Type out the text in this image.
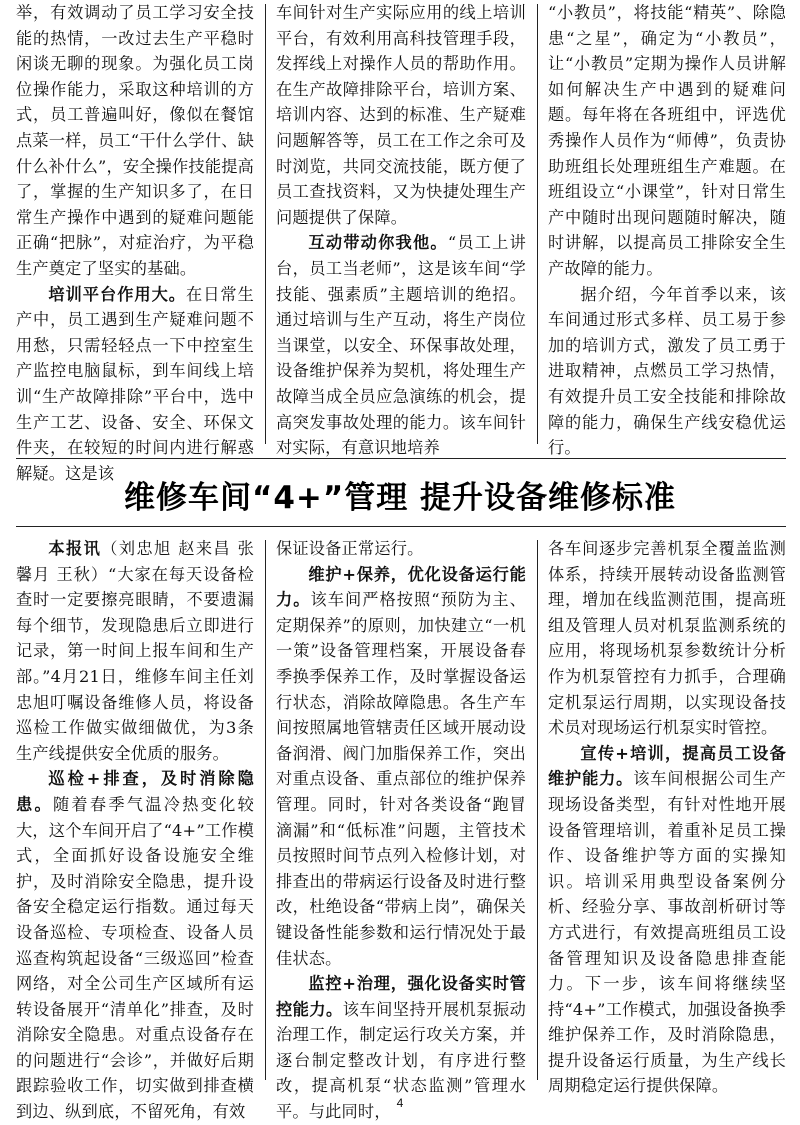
举，有效调动了员工学习安全技能的热情，一改过去生产平稳时闲谈无聊的现象。为强化员工岗位操作能力，采取这种培训的方式，员工普遍叫好，像似在餐馆点菜一样，员工“干什么学什、缺什么补什么”，安全操作技能提高了，掌握的生产知识多了，在日常生产操作中遇到的疑难问题能正确“把脉”，对症治疗，为平稳生产奠定了坚实的基础。

培训平台作用大。在日常生产中，员工遇到生产疑难问题不用愁，只需轻轻点一下中控室生产监控电脑鼠标，到车间线上培训“生产故障排除”平台中，选中生产工艺、设备、安全、环保文件夹，在较短的时间内进行解惑解疑。这是该

车间针对生产实际应用的线上培训平台，有效利用高科技管理手段，发挥线上对操作人员的帮助作用。在生产故障排除平台，培训方案、培训内容、达到的标准、生产疑难问题解答等，员工在工作之余可及时浏览，共同交流技能，既方便了员工查找资料，又为快捷处理生产问题提供了保障。

互动带动你我他。“员工上讲台，员工当老师”，这是该车间“学技能、强素质”主题培训的绝招。通过培训与生产互动，将生产岗位当课堂，以安全、环保事故处理，设备维护保养为契机，将处理生产故障当成全员应急演练的机会，提高突发事故处理的能力。该车间针对实际，有意识地培养

“小教员”，将技能“精英”、除隐患“之星”，确定为“小教员”，让“小教员”定期为操作人员讲解如何解决生产中遇到的疑难问题。每年将在各班组中，评选优秀操作人员作为“师傅”，负责协助班组长处理班组生产难题。在班组设立“小课堂”，针对日常生产中随时出现问题随时解决，随时讲解，以提高员工排除安全生产故障的能力。

据介绍，今年首季以来，该车间通过形式多样、员工易于参加的培训方式，激发了员工勇于进取精神，点燃员工学习热情，有效提升员工安全技能和排除故障的能力，确保生产线安稳优运行。

维修车间“4+”管理 提升设备维修标准

本报讯（刘忠旭 赵来昌 张馨月 王秋）“大家在每天设备检查时一定要擦亮眼睛，不要遗漏每个细节，发现隐患后立即进行记录，第一时间上报车间和生产部。”4月21日，维修车间主任刘忠旭叮嘱设备维修人员，将设备巡检工作做实做细做优，为3条生产线提供安全优质的服务。

巡检+排查，及时消除隐患。随着春季气温冷热变化较大，这个车间开启了“4+”工作模式，全面抓好设备设施安全维护，及时消除安全隐患，提升设备安全稳定运行指数。通过每天设备巡检、专项检查、设备人员巡查构筑起设备“三级巡回”检查网络，对全公司生产区域所有运转设备展开“清单化”排查，及时消除安全隐患。对重点设备存在的问题进行“会诊”，并做好后期跟踪验收工作，切实做到排查横到边、纵到底，不留死角，有效

保证设备正常运行。

维护+保养，优化设备运行能力。该车间严格按照“预防为主、定期保养”的原则，加快建立“一机一策”设备管理档案，开展设备春季换季保养工作，及时掌握设备运行状态，消除故障隐患。各生产车间按照属地管辖责任区域开展动设备润滑、阀门加脂保养工作，突出对重点设备、重点部位的维护保养管理。同时，针对各类设备“跑冒滴漏”和“低标准”问题，主管技术员按照时间节点列入检修计划，对排查出的带病运行设备及时进行整改，杜绝设备“带病上岗”，确保关键设备性能参数和运行情况处于最佳状态。

监控+治理，强化设备实时管控能力。该车间坚持开展机泵振动治理工作，制定运行攻关方案，并逐台制定整改计划，有序进行整改，提高机泵“状态监测”管理水平。与此同时，

各车间逐步完善机泵全覆盖监测体系，持续开展转动设备监测管理，增加在线监测范围，提高班组及管理人员对机泵监测系统的应用，将现场机泵参数统计分析作为机泵管控有力抓手，合理确定机泵运行周期，以实现设备技术员对现场运行机泵实时管控。

宣传+培训，提高员工设备维护能力。该车间根据公司生产现场设备类型，有针对性地开展设备管理培训，着重补足员工操作、设备维护等方面的实操知识。培训采用典型设备案例分析、经验分享、事故剖析研讨等方式进行，有效提高班组员工设备管理知识及设备隐患排查能力。下一步，该车间将继续坚持“4+”工作模式，加强设备换季维护保养工作，及时消除隐患，提升设备运行质量，为生产线长周期稳定运行提供保障。

4
